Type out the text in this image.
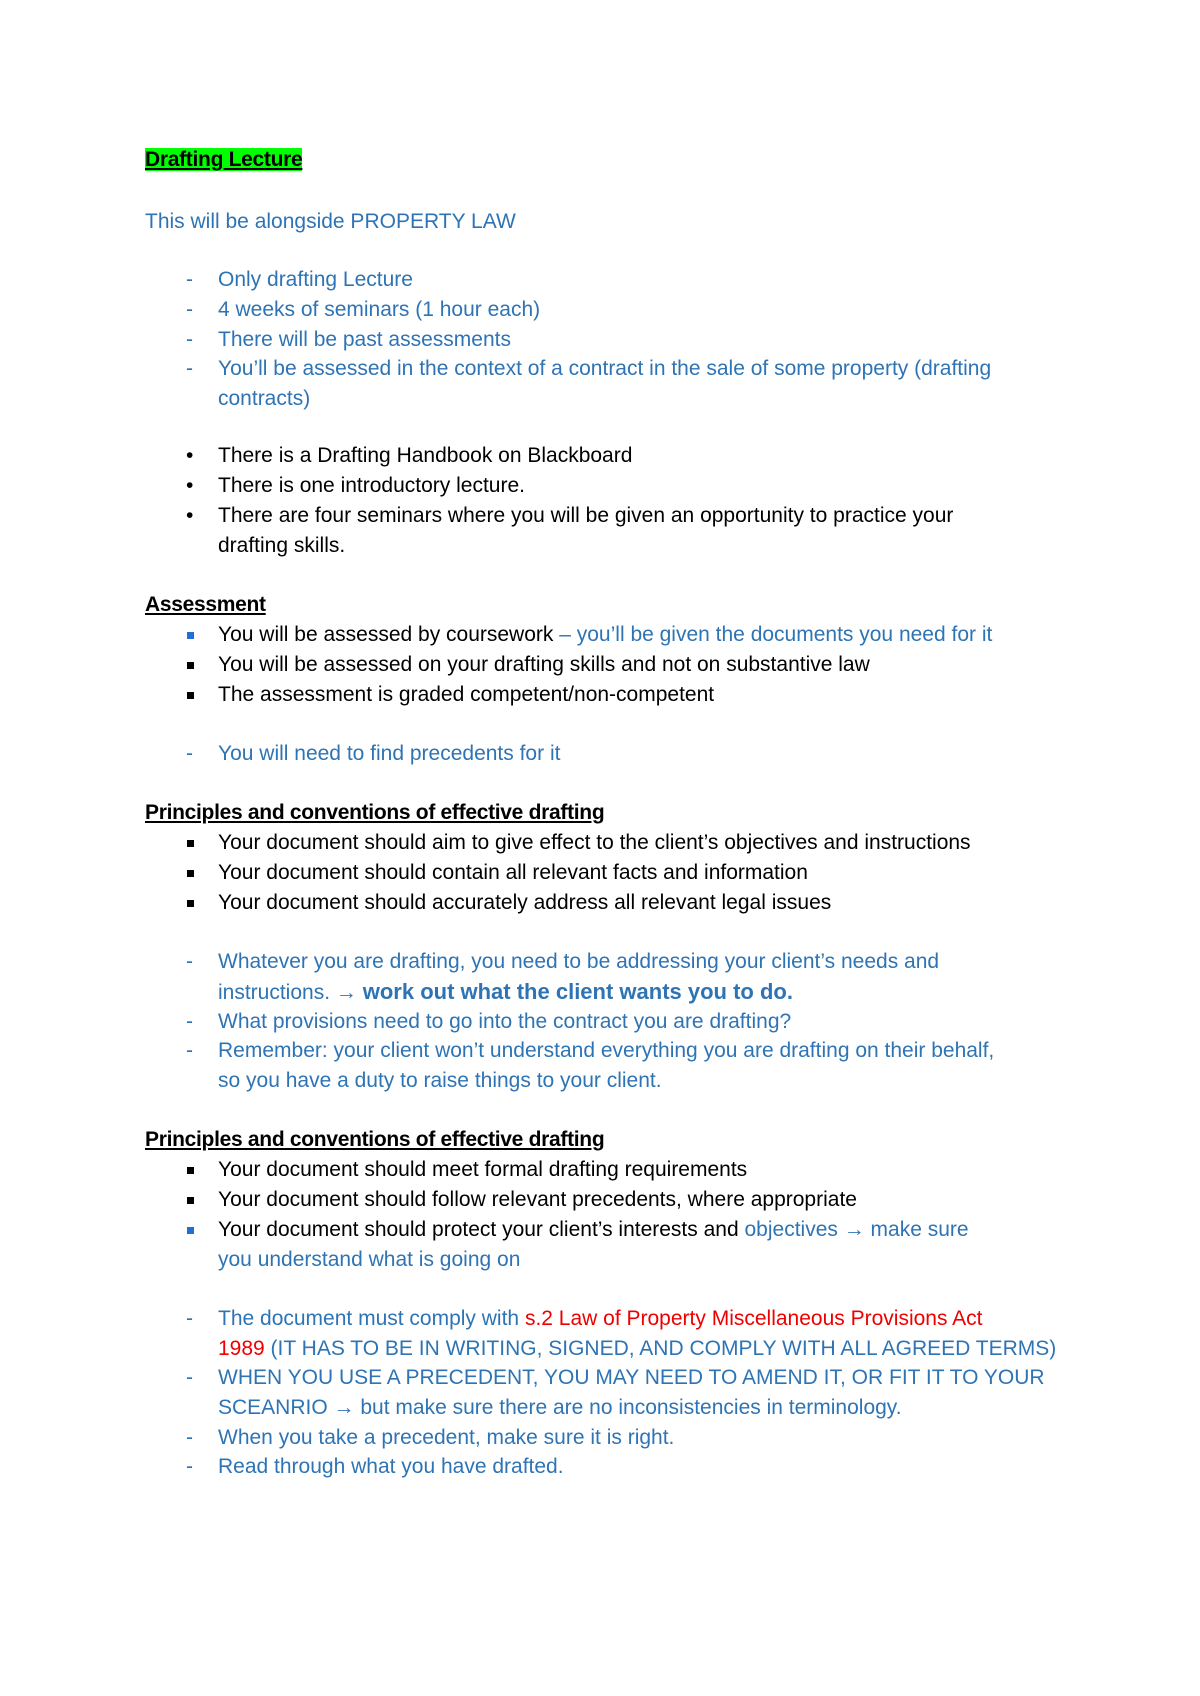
Drafting Lecture
This will be alongside PROPERTY LAW
- Only drafting Lecture
- 4 weeks of seminars (1 hour each)
- There will be past assessments
- You’ll be assessed in the context of a contract in the sale of some property (drafting
contracts)
• There is a Drafting Handbook on Blackboard
• There is one introductory lecture.
• There are four seminars where you will be given an opportunity to practice your
drafting skills.
Assessment
You will be assessed by coursework – you’ll be given the documents you need for it
You will be assessed on your drafting skills and not on substantive law
The assessment is graded competent/non-competent
- You will need to find precedents for it
Principles and conventions of effective drafting
Your document should aim to give effect to the client’s objectives and instructions
Your document should contain all relevant facts and information
Your document should accurately address all relevant legal issues
- Whatever you are drafting, you need to be addressing your client’s needs and
instructions. → work out what the client wants you to do.
- What provisions need to go into the contract you are drafting?
- Remember: your client won’t understand everything you are drafting on their behalf,
so you have a duty to raise things to your client.
Principles and conventions of effective drafting
Your document should meet formal drafting requirements
Your document should follow relevant precedents, where appropriate
Your document should protect your client’s interests and objectives → make sure
you understand what is going on
- The document must comply with s.2 Law of Property Miscellaneous Provisions Act
1989 (IT HAS TO BE IN WRITING, SIGNED, AND COMPLY WITH ALL AGREED TERMS)
- WHEN YOU USE A PRECEDENT, YOU MAY NEED TO AMEND IT, OR FIT IT TO YOUR
SCEANRIO → but make sure there are no inconsistencies in terminology.
- When you take a precedent, make sure it is right.
- Read through what you have drafted.
